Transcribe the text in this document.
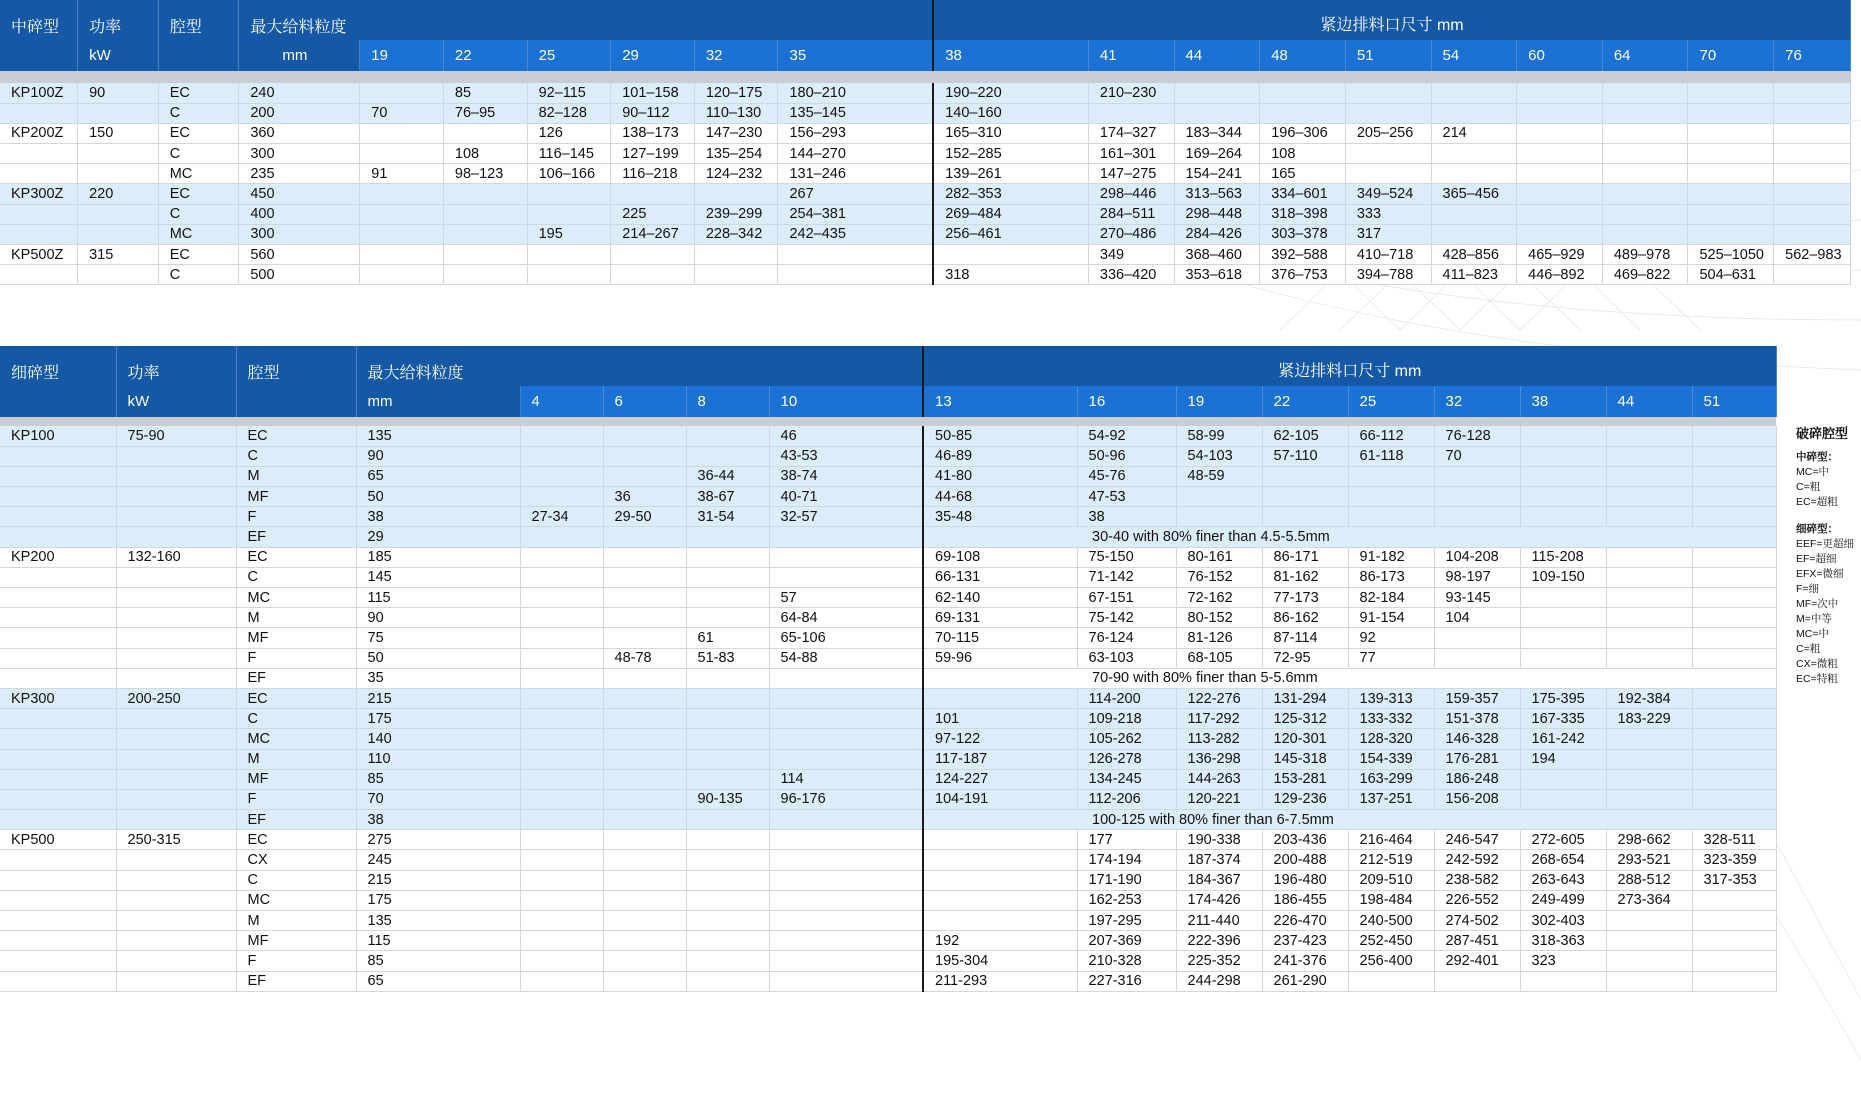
中碎型	功率	腔型	最大给料粒度							紧边排料口尺寸 mm									
	kW		mm	19	22	25	29	32	35	38	41	44	48	51	54	60	64	70	76

KP100Z	90	EC	240		85	92–115	101–158	120–175	180–210	190–220	210–230								
		C	200	70	76–95	82–128	90–112	110–130	135–145	140–160									
KP200Z	150	EC	360			126	138–173	147–230	156–293	165–310	174–327	183–344	196–306	205–256	214				
		C	300		108	116–145	127–199	135–254	144–270	152–285	161–301	169–264	108						
		MC	235	91	98–123	106–166	116–218	124–232	131–246	139–261	147–275	154–241	165						
KP300Z	220	EC	450						267	282–353	298–446	313–563	334–601	349–524	365–456				
		C	400				225	239–299	254–381	269–484	284–511	298–448	318–398	333					
		MC	300			195	214–267	228–342	242–435	256–461	270–486	284–426	303–378	317					
KP500Z	315	EC	560								349	368–460	392–588	410–718	428–856	465–929	489–978	525–1050	562–983
		C	500							318	336–420	353–618	376–753	394–788	411–823	446–892	469–822	504–631	
细碎型	功率	腔型	最大给料粒度					紧边排料口尺寸 mm								
	kW		mm	4	6	8	10	13	16	19	22	25	32	38	44	51

KP100	75-90	EC	135				46	50-85	54-92	58-99	62-105	66-112	76-128			
		C	90				43-53	46-89	50-96	54-103	57-110	61-118	70			
		M	65			36-44	38-74	41-80	45-76	48-59						
		MF	50		36	38-67	40-71	44-68	47-53							
		F	38	27-34	29-50	31-54	32-57	35-48	38							
		EF	29					30-40 with 80% finer than 4.5-5.5mm								
KP200	132-160	EC	185					69-108	75-150	80-161	86-171	91-182	104-208	115-208		
		C	145					66-131	71-142	76-152	81-162	86-173	98-197	109-150		
		MC	115				57	62-140	67-151	72-162	77-173	82-184	93-145			
		M	90				64-84	69-131	75-142	80-152	86-162	91-154	104			
		MF	75			61	65-106	70-115	76-124	81-126	87-114	92				
		F	50		48-78	51-83	54-88	59-96	63-103	68-105	72-95	77				
		EF	35					70-90 with 80% finer than 5-5.6mm								
KP300	200-250	EC	215						114-200	122-276	131-294	139-313	159-357	175-395	192-384	
		C	175					101	109-218	117-292	125-312	133-332	151-378	167-335	183-229	
		MC	140					97-122	105-262	113-282	120-301	128-320	146-328	161-242		
		M	110					117-187	126-278	136-298	145-318	154-339	176-281	194		
		MF	85				114	124-227	134-245	144-263	153-281	163-299	186-248			
		F	70			90-135	96-176	104-191	112-206	120-221	129-236	137-251	156-208			
		EF	38					100-125 with 80% finer than 6-7.5mm								
KP500	250-315	EC	275						177	190-338	203-436	216-464	246-547	272-605	298-662	328-511
		CX	245						174-194	187-374	200-488	212-519	242-592	268-654	293-521	323-359
		C	215						171-190	184-367	196-480	209-510	238-582	263-643	288-512	317-353
		MC	175						162-253	174-426	186-455	198-484	226-552	249-499	273-364	
		M	135						197-295	211-440	226-470	240-500	274-502	302-403		
		MF	115					192	207-369	222-396	237-423	252-450	287-451	318-363		
		F	85					195-304	210-328	225-352	241-376	256-400	292-401	323		
		EF	65					211-293	227-316	244-298	261-290					
破碎腔型
中碎型：
MC=中
C=粗
EC=超粗
细碎型：
EEF=更超细
EF=超细
EFX=微细
F=细
MF=次中
M=中等
MC=中
C=粗
CX=微粗
EC=特粗
